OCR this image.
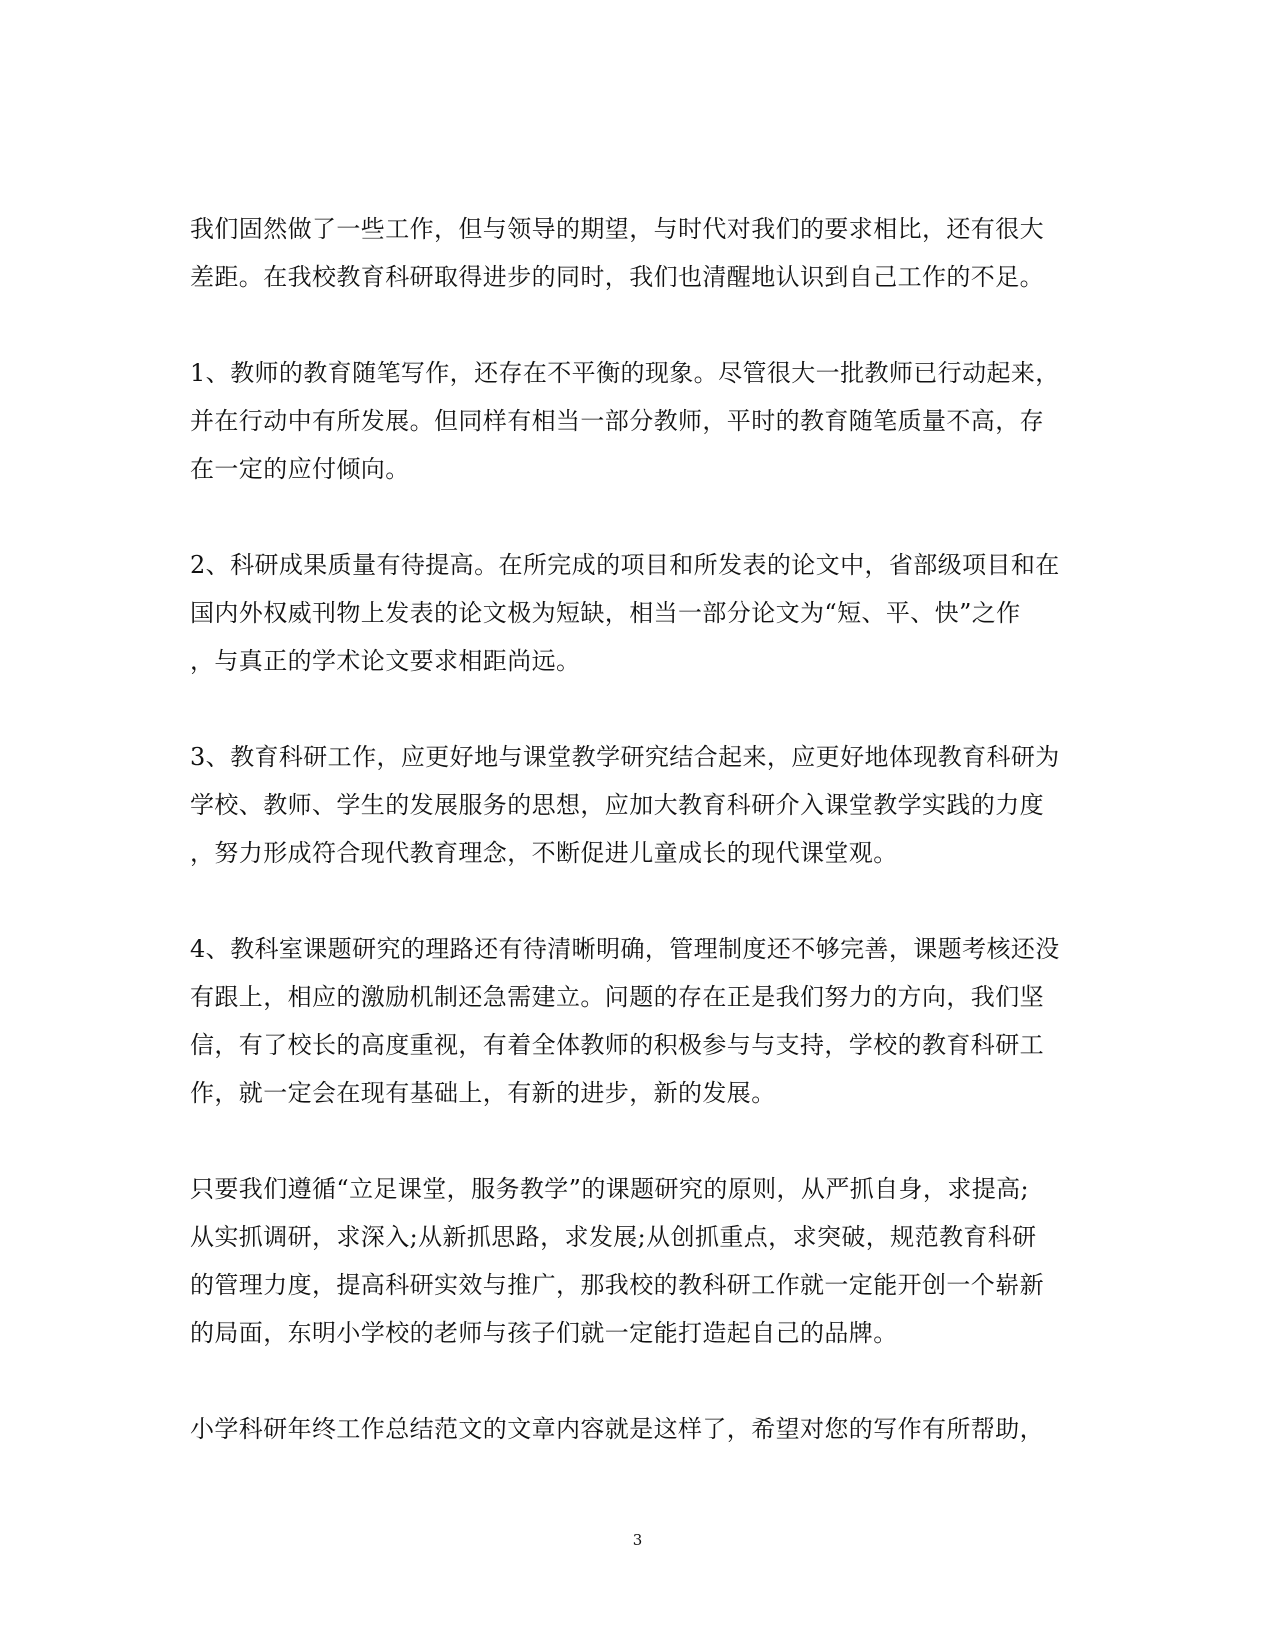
我们固然做了一些工作，但与领导的期望，与时代对我们的要求相比，还有很大
差距。在我校教育科研取得进步的同时，我们也清醒地认识到自己工作的不足。

1、教师的教育随笔写作，还存在不平衡的现象。尽管很大一批教师已行动起来，
并在行动中有所发展。但同样有相当一部分教师，平时的教育随笔质量不高，存
在一定的应付倾向。

2、科研成果质量有待提高。在所完成的项目和所发表的论文中，省部级项目和在
国内外权威刊物上发表的论文极为短缺，相当一部分论文为“短、平、快”之作
，与真正的学术论文要求相距尚远。

3、教育科研工作，应更好地与课堂教学研究结合起来，应更好地体现教育科研为
学校、教师、学生的发展服务的思想，应加大教育科研介入课堂教学实践的力度
，努力形成符合现代教育理念，不断促进儿童成长的现代课堂观。

4、教科室课题研究的理路还有待清晰明确，管理制度还不够完善，课题考核还没
有跟上，相应的激励机制还急需建立。问题的存在正是我们努力的方向，我们坚
信，有了校长的高度重视，有着全体教师的积极参与与支持，学校的教育科研工
作，就一定会在现有基础上，有新的进步，新的发展。

只要我们遵循“立足课堂，服务教学”的课题研究的原则，从严抓自身，求提高;
从实抓调研，求深入;从新抓思路，求发展;从创抓重点，求突破，规范教育科研
的管理力度，提高科研实效与推广，那我校的教科研工作就一定能开创一个崭新
的局面，东明小学校的老师与孩子们就一定能打造起自己的品牌。

小学科研年终工作总结范文的文章内容就是这样了，希望对您的写作有所帮助，

3
